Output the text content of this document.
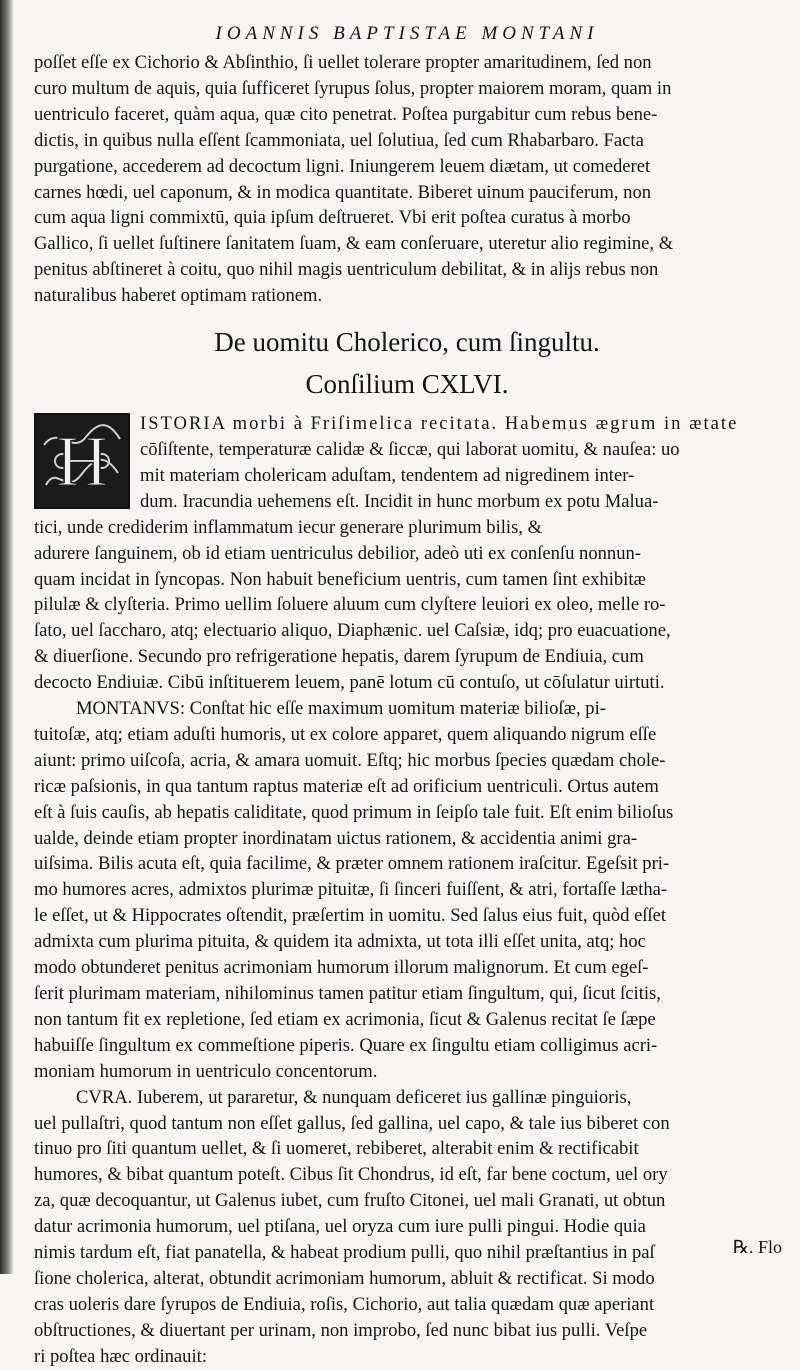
IOANNIS BAPTISTAE MONTANI
poſſet eſſe ex Cichorio & Abſinthio, ſi uellet tolerare propter amaritudinem, ſed non
curo multum de aquis, quia ſufficeret ſyrupus ſolus, propter maiorem moram, quam in
uentriculo faceret, quàm aqua, quæ cito penetrat. Poſtea purgabitur cum rebus bene-
dictis, in quibus nulla eſſent ſcammoniata, uel ſolutiua, ſed cum Rhabarbaro. Facta
purgatione, accederem ad decoctum ligni. Iniungerem leuem diætam, ut comederet
carnes hœdi, uel caponum, & in modica quantitate. Biberet uinum pauciferum, non
cum aqua ligni commixtū, quia ipſum deſtrueret. Vbi erit poſtea curatus à morbo
Gallico, ſi uellet ſuſtinere ſanitatem ſuam, & eam conſeruare, uteretur alio regimine, &
penitus abſtineret à coitu, quo nihil magis uentriculum debilitat, & in alijs rebus non
naturalibus haberet optimam rationem.
De uomitu Cholerico, cum ſingultu.
Conſilium CXLVI.
H	ISTORIA morbi à Friſimelica recitata. Habemus ægrum in ætate
cōſiſtente, temperaturæ calidæ & ſiccæ, qui laborat uomitu, & nauſea: uo
mit materiam cholericam aduſtam, tendentem ad nigredinem inter-
dum. Iracundia uehemens eſt. Incidit in hunc morbum ex potu Malua-
tici, unde crediderim inflammatum iecur generare plurimum bilis, &
adurere ſanguinem, ob id etiam uentriculus debilior, adeò uti ex conſenſu nonnun-
quam incidat in ſyncopas. Non habuit beneficium uentris, cum tamen ſint exhibitæ
pilulæ & clyſteria. Primo uellim ſoluere aluum cum clyſtere leuiori ex oleo, melle ro-
ſato, uel ſaccharo, atq; electuario aliquo, Diaphænic. uel Caſsiæ, idq; pro euacuatione,
& diuerſione. Secundo pro refrigeratione hepatis, darem ſyrupum de Endiuia, cum
decocto Endiuiæ. Cibū inſtituerem leuem, panē lotum cū contuſo, ut cōſulatur uirtuti.
MONTANVS: Conſtat hic eſſe maximum uomitum materiæ bilioſæ, pi-
tuitoſæ, atq; etiam aduſti humoris, ut ex colore apparet, quem aliquando nigrum eſſe
aiunt: primo uiſcoſa, acria, & amara uomuit. Eſtq; hic morbus ſpecies quædam chole-
ricæ paſsionis, in qua tantum raptus materiæ eſt ad orificium uentriculi. Ortus autem
eſt à ſuis cauſis, ab hepatis caliditate, quod primum in ſeipſo tale fuit. Eſt enim bilioſus
ualde, deinde etiam propter inordinatam uictus rationem, & accidentia animi gra-
uiſsima. Bilis acuta eſt, quia facilime, & præter omnem rationem iraſcitur. Egeſsit pri-
mo humores acres, admixtos plurimæ pituitæ, ſi ſinceri fuiſſent, & atri, fortaſſe lætha-
le eſſet, ut & Hippocrates oſtendit, præſertim in uomitu. Sed ſalus eius fuit, quòd eſſet
admixta cum plurima pituita, & quidem ita admixta, ut tota illi eſſet unita, atq; hoc
modo obtunderet penitus acrimoniam humorum illorum malignorum. Et cum egeſ-
ſerit plurimam materiam, nihilominus tamen patitur etiam ſingultum, qui, ſicut ſcitis,
non tantum fit ex repletione, ſed etiam ex acrimonia, ſicut & Galenus recitat ſe ſæpe
habuiſſe ſingultum ex commeſtione piperis. Quare ex ſingultu etiam colligimus acri-
moniam humorum in uentriculo concentorum.
CVRA. Iuberem, ut pararetur, & nunquam deficeret ius gallinæ pinguioris,
uel pullaſtri, quod tantum non eſſet gallus, ſed gallina, uel capo, & tale ius biberet con
tinuo pro ſiti quantum uellet, & ſi uomeret, rebiberet, alterabit enim & rectificabit
humores, & bibat quantum poteſt. Cibus ſit Chondrus, id eſt, far bene coctum, uel ory
za, quæ decoquantur, ut Galenus iubet, cum fruſto Citonei, uel mali Granati, ut obtun
datur acrimonia humorum, uel ptiſana, uel oryza cum iure pulli pingui. Hodie quia
nimis tardum eſt, fiat panatella, & habeat prodium pulli, quo nihil præſtantius in paſ
ſione cholerica, alterat, obtundit acrimoniam humorum, abluit & rectificat. Si modo
cras uoleris dare ſyrupos de Endiuia, roſis, Cichorio, aut talia quædam quæ aperiant
obſtructiones, & diuertant per urinam, non improbo, ſed nunc bibat ius pulli. Veſpe
ri poſtea hæc ordinauit:
℞. Flo
